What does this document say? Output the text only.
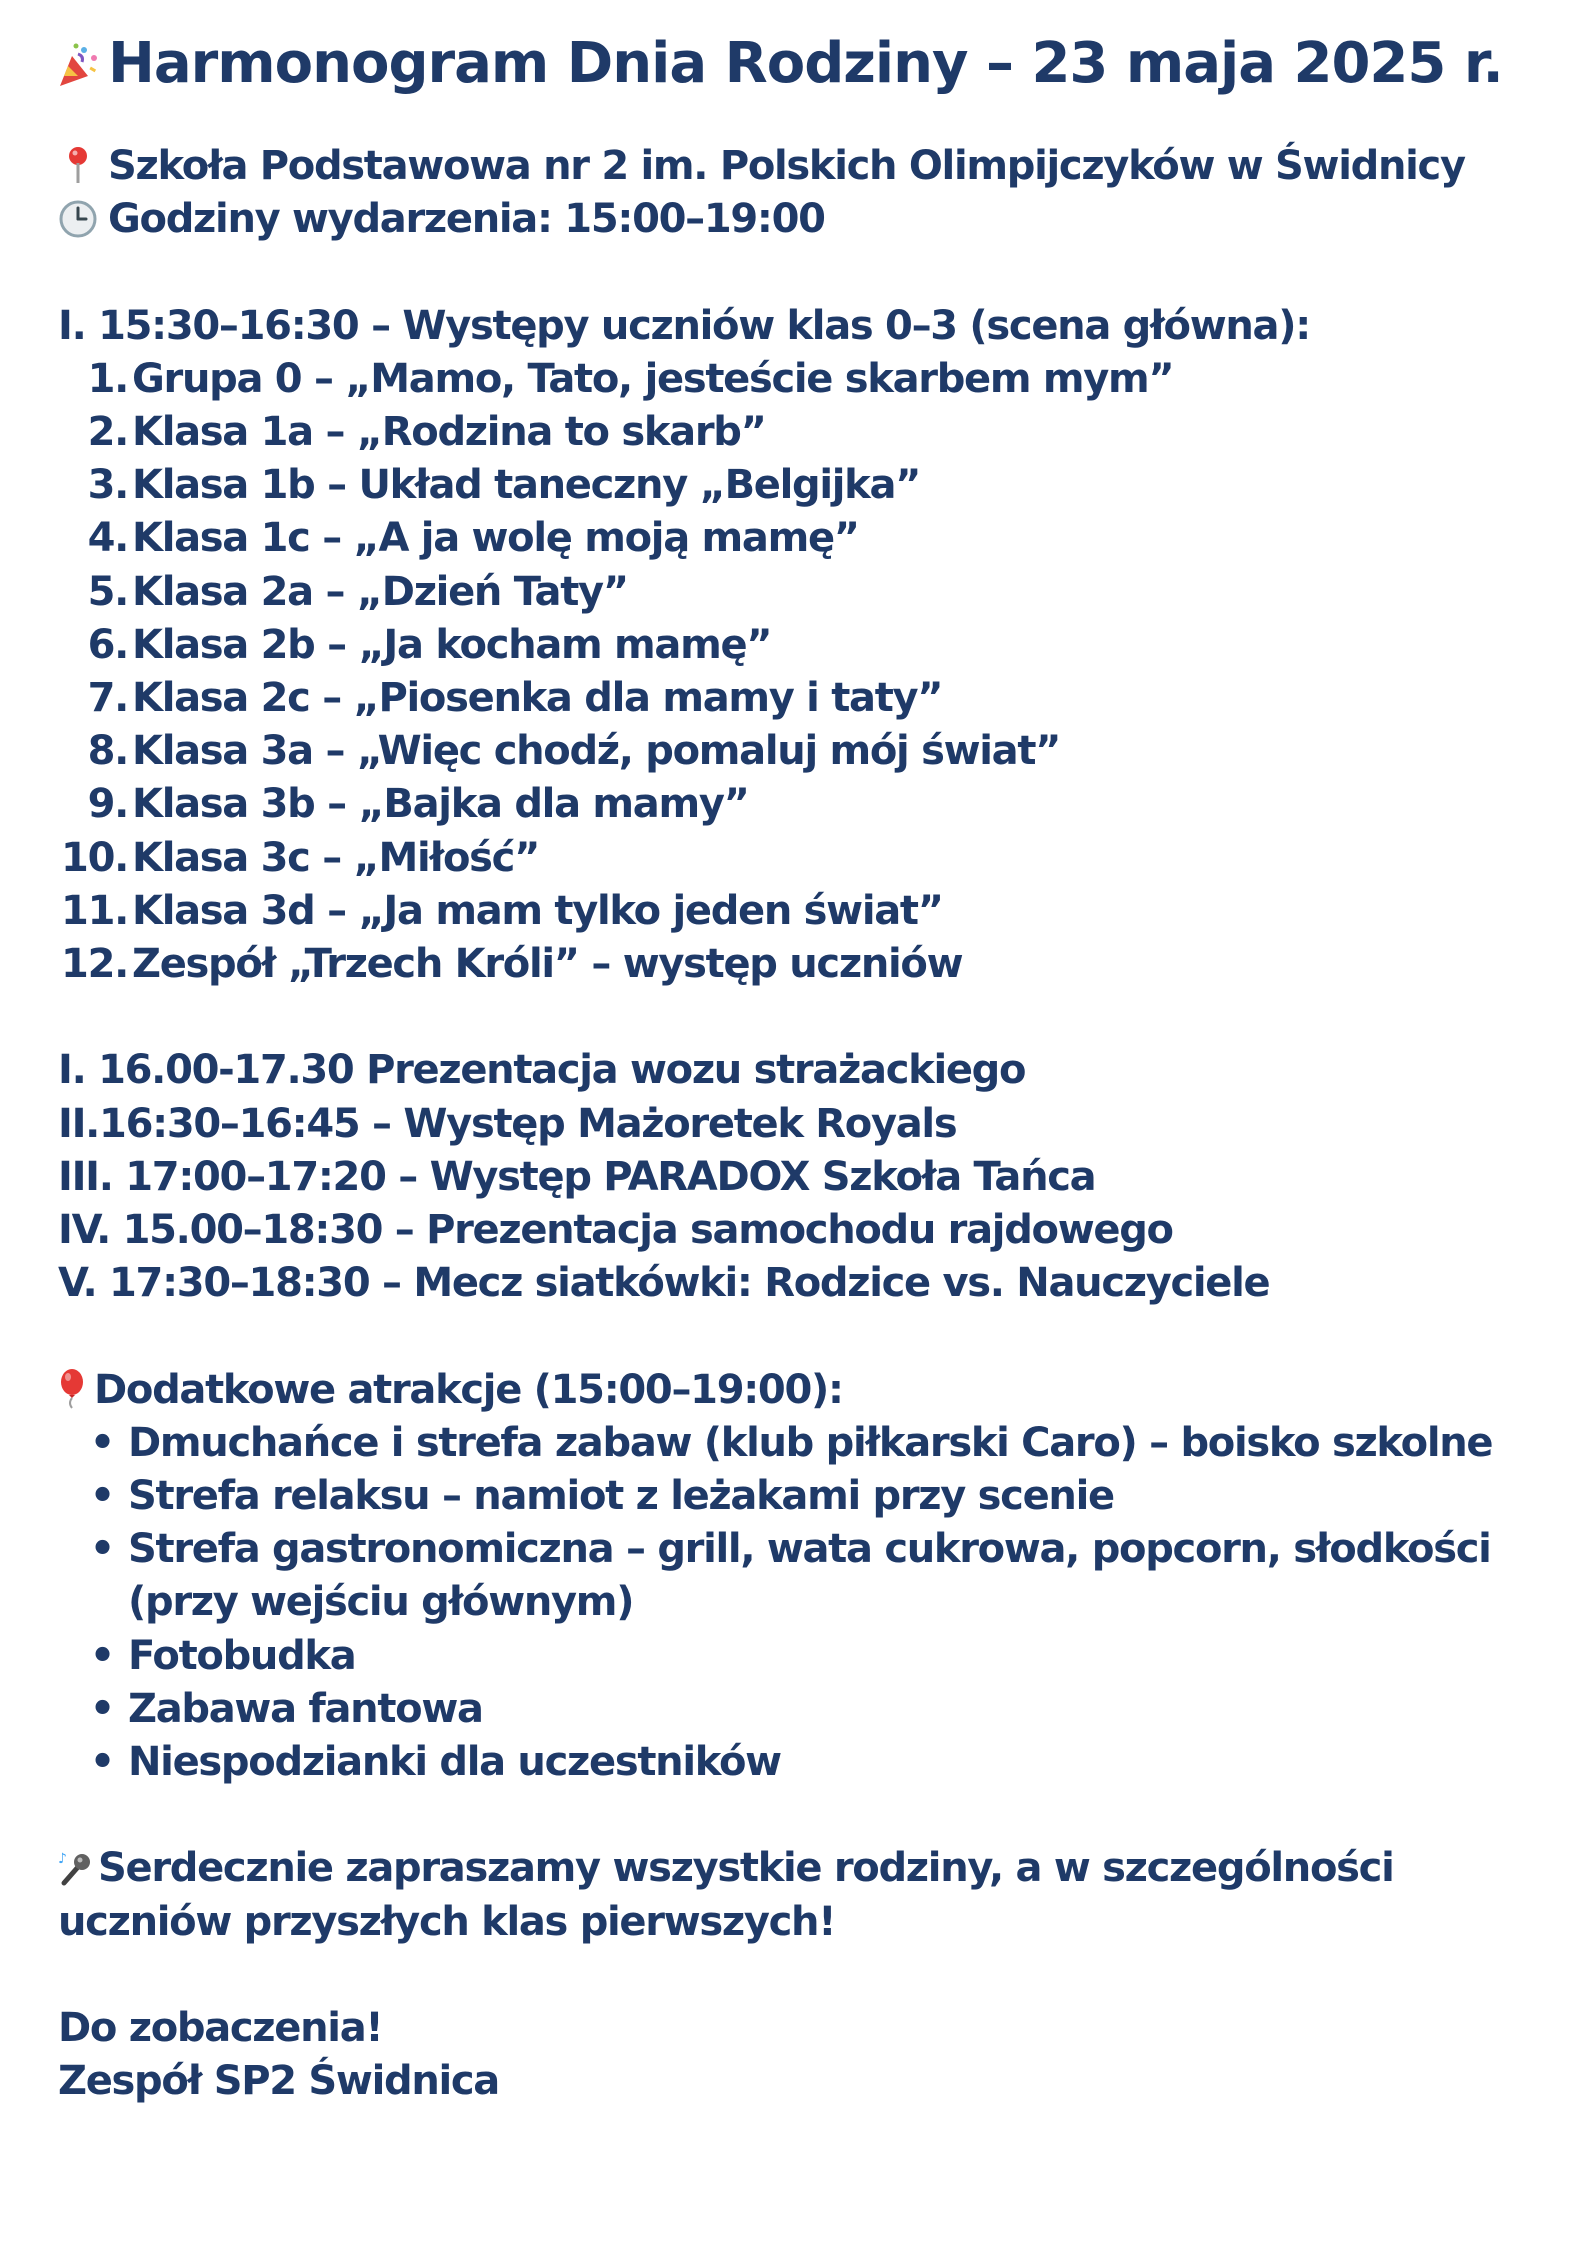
Harmonogram Dnia Rodziny – 23 maja 2025 r.
Szkoła Podstawowa nr 2 im. Polskich Olimpijczyków w Świdnicy
Godziny wydarzenia: 15:00–19:00
I. 15:30–16:30 – Występy uczniów klas 0–3 (scena główna):
1. Grupa 0 – „Mamo, Tato, jesteście skarbem mym”
2. Klasa 1a – „Rodzina to skarb”
3. Klasa 1b – Układ taneczny „Belgijka”
4. Klasa 1c – „A ja wolę moją mamę”
5. Klasa 2a – „Dzień Taty”
6. Klasa 2b – „Ja kocham mamę”
7. Klasa 2c – „Piosenka dla mamy i taty”
8. Klasa 3a – „Więc chodź, pomaluj mój świat”
9. Klasa 3b – „Bajka dla mamy”
10. Klasa 3c – „Miłość”
11. Klasa 3d – „Ja mam tylko jeden świat”
12. Zespół „Trzech Króli” – występ uczniów
I. 16.00-17.30 Prezentacja wozu strażackiego
II.16:30–16:45 – Występ Mażoretek Royals
III. 17:00–17:20 – Występ PARADOX Szkoła Tańca
IV. 15.00–18:30 – Prezentacja samochodu rajdowego
V. 17:30–18:30 – Mecz siatkówki: Rodzice vs. Nauczyciele
Dodatkowe atrakcje (15:00–19:00):
• Dmuchańce i strefa zabaw (klub piłkarski Caro) – boisko szkolne
• Strefa relaksu – namiot z leżakami przy scenie
• Strefa gastronomiczna – grill, wata cukrowa, popcorn, słodkości (przy wejściu głównym)
• Fotobudka
• Zabawa fantowa
• Niespodzianki dla uczestników
♪ Serdecznie zapraszamy wszystkie rodziny, a w szczególności
uczniów przyszłych klas pierwszych!
Do zobaczenia!
Zespół SP2 Świdnica
